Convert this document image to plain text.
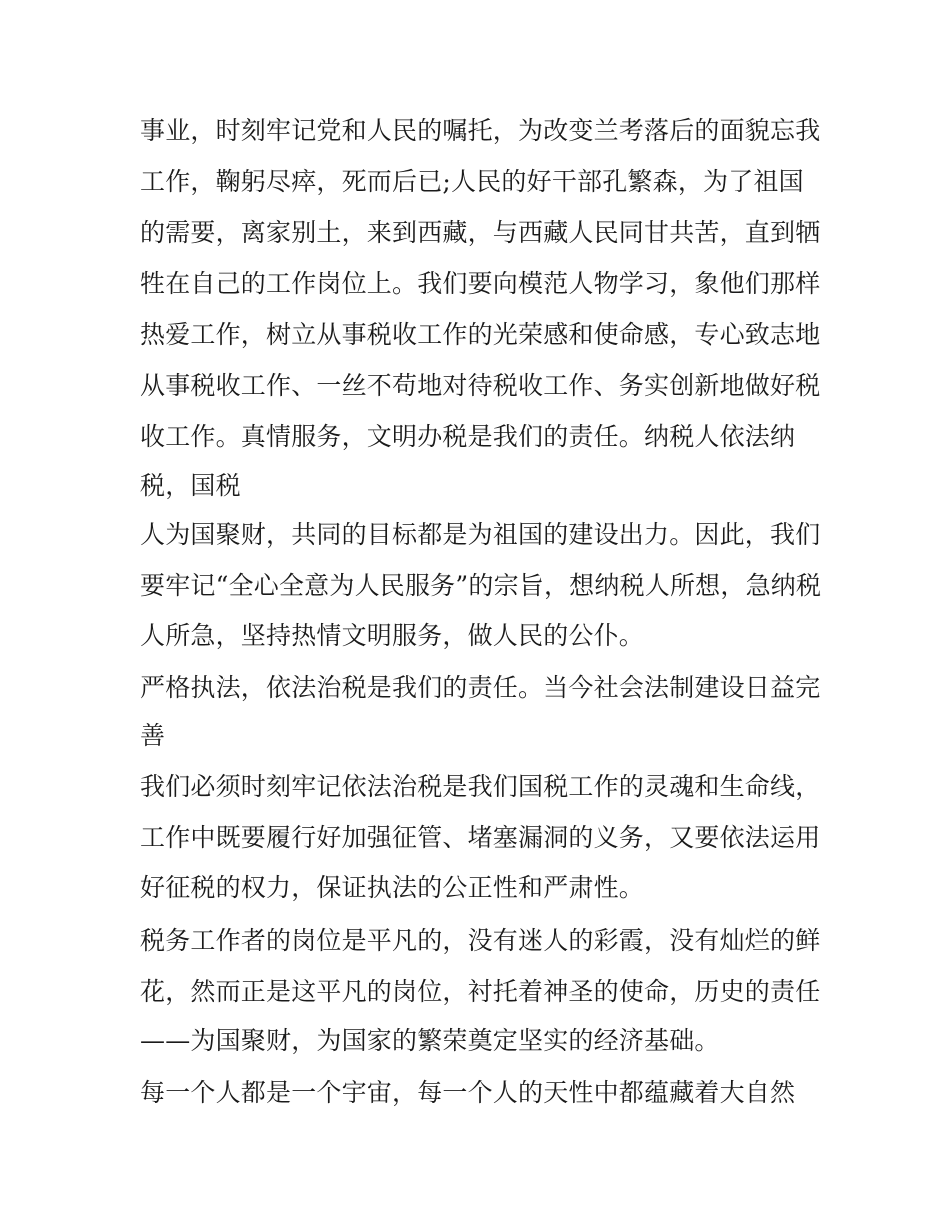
事业，时刻牢记党和人民的嘱托，为改变兰考落后的面貌忘我
工作，鞠躬尽瘁，死而后已;人民的好干部孔繁森，为了祖国
的需要，离家别土，来到西藏，与西藏人民同甘共苦，直到牺
牲在自己的工作岗位上。我们要向模范人物学习，象他们那样
热爱工作，树立从事税收工作的光荣感和使命感，专心致志地
从事税收工作、一丝不苟地对待税收工作、务实创新地做好税
收工作。真情服务，文明办税是我们的责任。纳税人依法纳
税，国税
人为国聚财，共同的目标都是为祖国的建设出力。因此，我们
要牢记“全心全意为人民服务”的宗旨，想纳税人所想，急纳税
人所急，坚持热情文明服务，做人民的公仆。
严格执法，依法治税是我们的责任。当今社会法制建设日益完
善
我们必须时刻牢记依法治税是我们国税工作的灵魂和生命线，
工作中既要履行好加强征管、堵塞漏洞的义务，又要依法运用
好征税的权力，保证执法的公正性和严肃性。
税务工作者的岗位是平凡的，没有迷人的彩霞，没有灿烂的鲜
花，然而正是这平凡的岗位，衬托着神圣的使命，历史的责任
——为国聚财，为国家的繁荣奠定坚实的经济基础。
每一个人都是一个宇宙，每一个人的天性中都蕴藏着大自然
